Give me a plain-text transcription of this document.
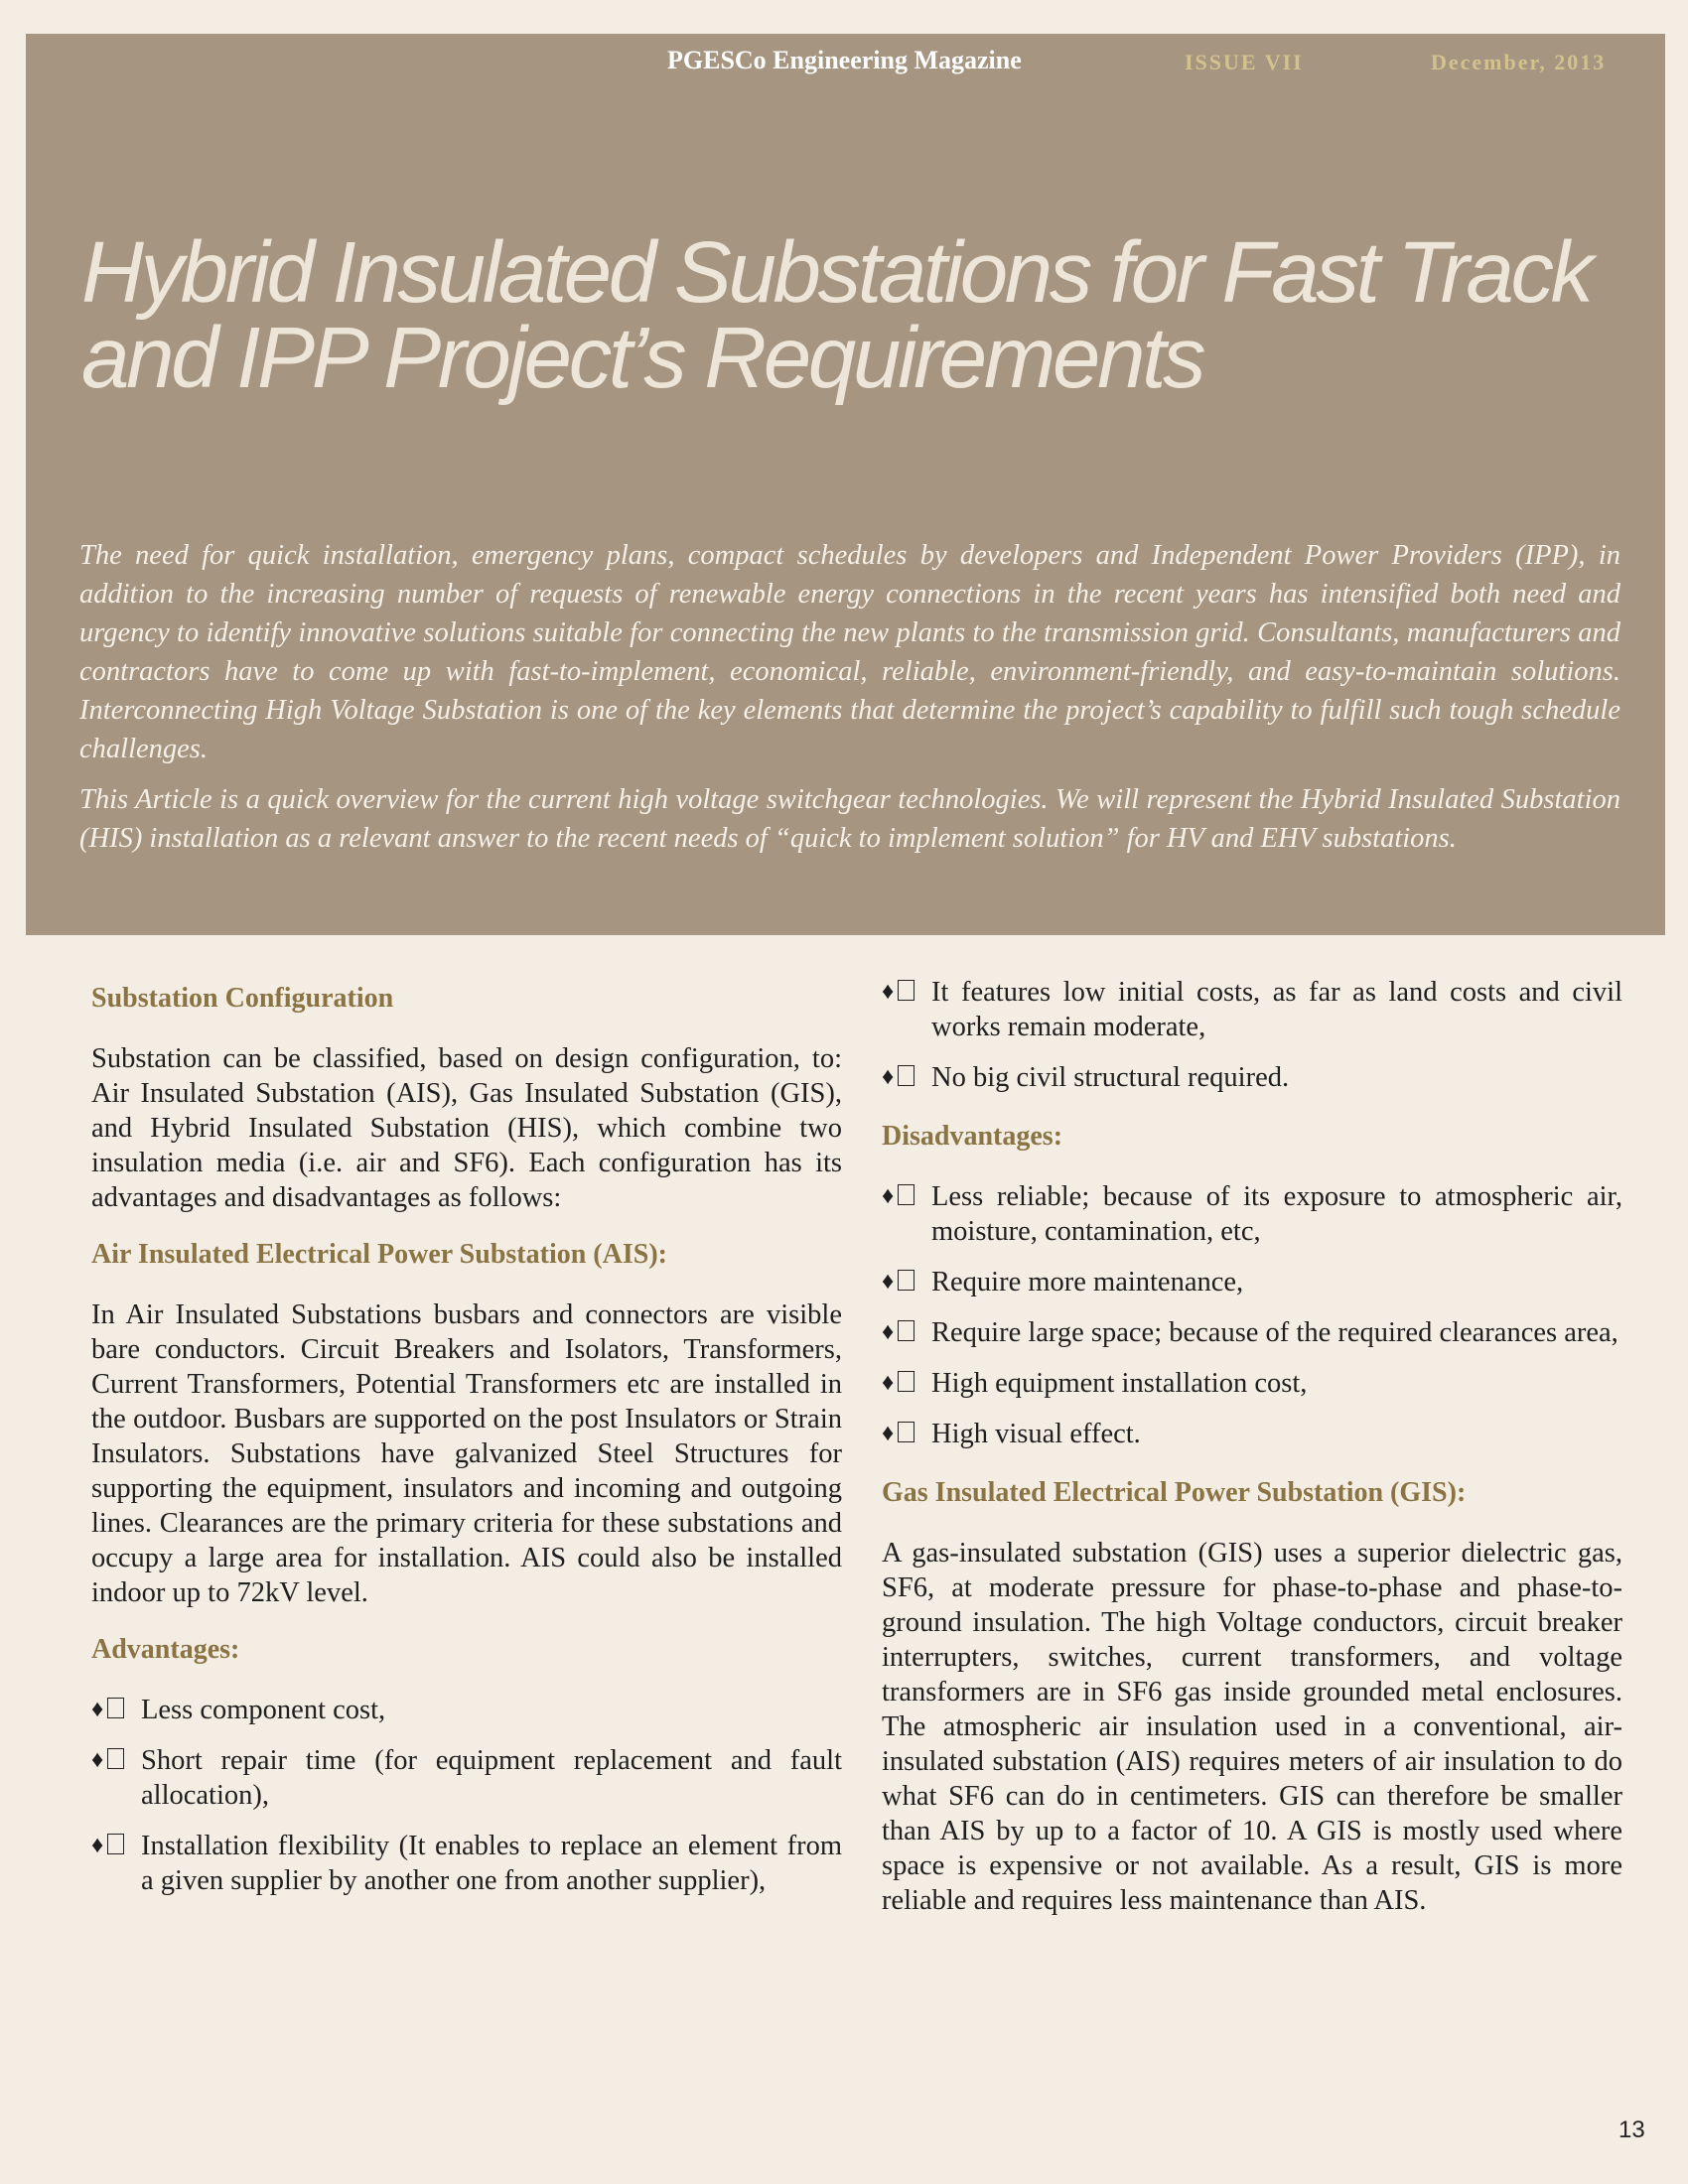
PGESCo Engineering Magazine	ISSUE VII	December, 2013
Hybrid Insulated Substations for Fast Track and IPP Project’s Requirements

The need for quick installation, emergency plans, compact schedules by developers and Independent Power Providers (IPP), in addition to the increasing number of requests of renewable energy connections in the recent years has intensified both need and urgency to identify innovative solutions suitable for connecting the new plants to the transmission grid. Consultants, manufacturers and contractors have to come up with fast-to-implement, economical, reliable, environment-friendly, and easy-to-maintain solutions. Interconnecting High Voltage Substation is one of the key elements that determine the project’s capability to fulfill such tough schedule challenges.

This Article is a quick overview for the current high voltage switchgear technologies. We will represent the Hybrid Insulated Substation (HIS) installation as a relevant answer to the recent needs of “quick to implement solution” for HV and EHV substations.

Substation Configuration

Substation can be classified, based on design configuration, to: Air Insulated Substation (AIS), Gas Insulated Substation (GIS), and Hybrid Insulated Substation (HIS), which combine two insulation media (i.e. air and SF6). Each configuration has its advantages and disadvantages as follows:

Air Insulated Electrical Power Substation (AIS):

In Air Insulated Substations busbars and connectors are visible bare conductors. Circuit Breakers and Isolators, Transformers, Current Transformers, Potential Transformers etc are installed in the outdoor. Busbars are supported on the post Insulators or Strain Insulators. Substations have galvanized Steel Structures for supporting the equipment, insulators and incoming and outgoing lines. Clearances are the primary criteria for these substations and occupy a large area for installation. AIS could also be installed indoor up to 72kV level.

Advantages:

♦	Less component cost,
♦	Short repair time (for equipment replacement and fault allocation),
♦	Installation flexibility (It enables to replace an element from a given supplier by another one from another supplier),
♦	It features low initial costs, as far as land costs and civil works remain moderate,
♦	No big civil structural required.

Disadvantages:

♦	Less reliable; because of its exposure to atmospheric air, moisture, contamination, etc,
♦	Require more maintenance,
♦	Require large space; because of the required clearances area,
♦	High equipment installation cost,
♦	High visual effect.

Gas Insulated Electrical Power Substation (GIS):

A gas-insulated substation (GIS) uses a superior dielectric gas, SF6, at moderate pressure for phase-to-phase and phase-to-ground insulation. The high Voltage conductors, circuit breaker interrupters, switches, current transformers, and voltage transformers are in SF6 gas inside grounded metal enclosures. The atmospheric air insulation used in a conventional, air-insulated substation (AIS) requires meters of air insulation to do what SF6 can do in centimeters. GIS can therefore be smaller than AIS by up to a factor of 10. A GIS is mostly used where space is expensive or not available. As a result, GIS is more reliable and requires less maintenance than AIS.

13
